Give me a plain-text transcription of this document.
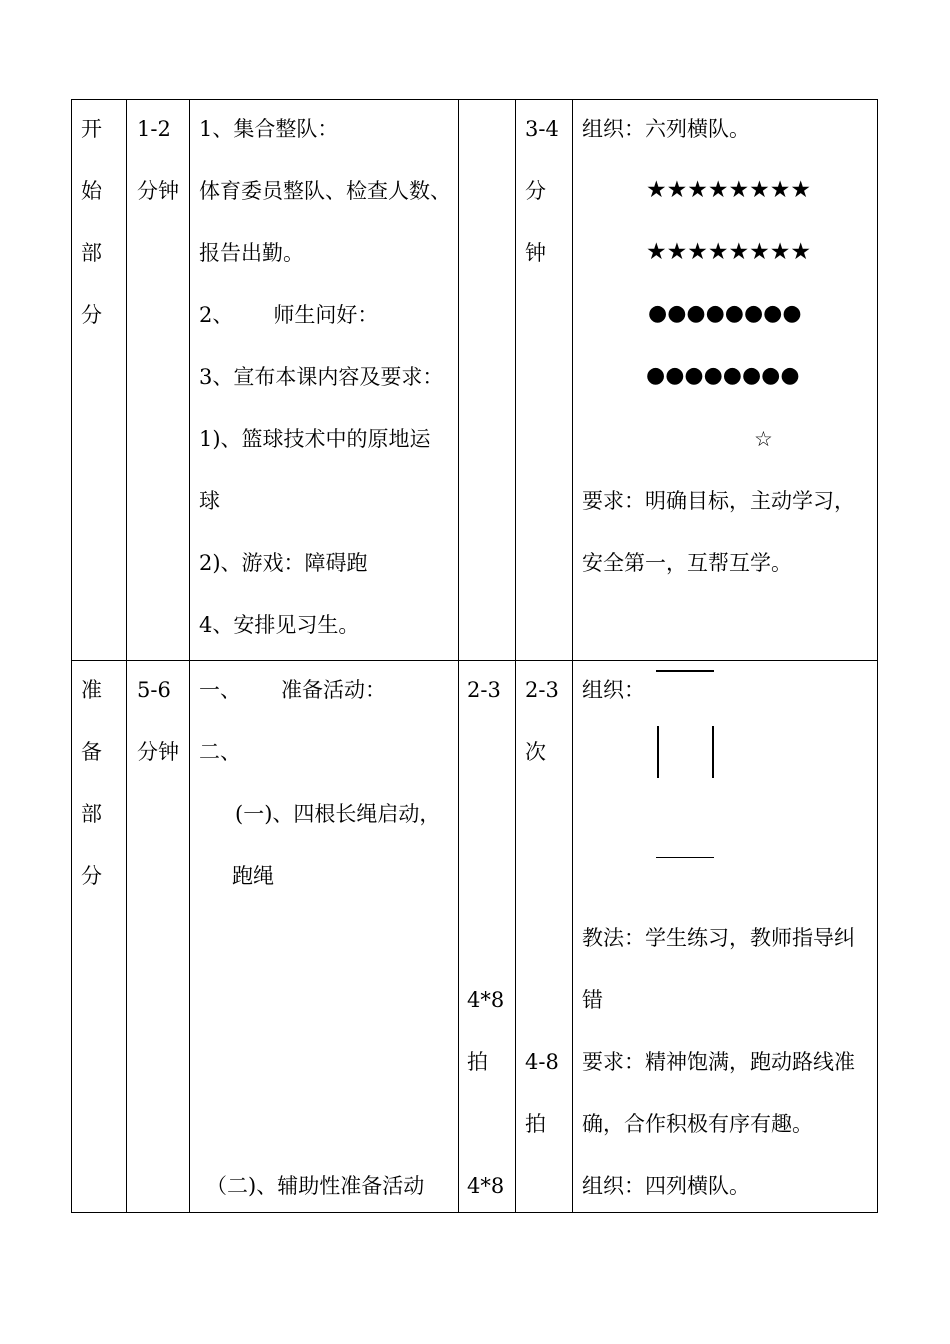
开
始
部
分
1-2
分钟
1、集合整队：
体育委员整队、检查人数、
报告出勤。
2、      师生问好：
3、宣布本课内容及要求：
1)、篮球技术中的原地运
球
2)、游戏：障碍跑
4、安排见习生。
3-4
分
钟
组织：六列横队。
★★★★★★★★
★★★★★★★★
●●●●●●●●
●●●●●●●●
☆
要求：明确目标，主动学习，
安全第一，互帮互学。
准
备
部
分
5-6
分钟
一、      准备活动：
二、
(一)、四根长绳启动，
跑绳
（二)、辅助性准备活动
2-3
4*8
拍
4*8
2-3
次
4-8
拍
组织：
教法：学生练习，教师指导纠
错
要求：精神饱满，跑动路线准
确，合作积极有序有趣。
组织：四列横队。
